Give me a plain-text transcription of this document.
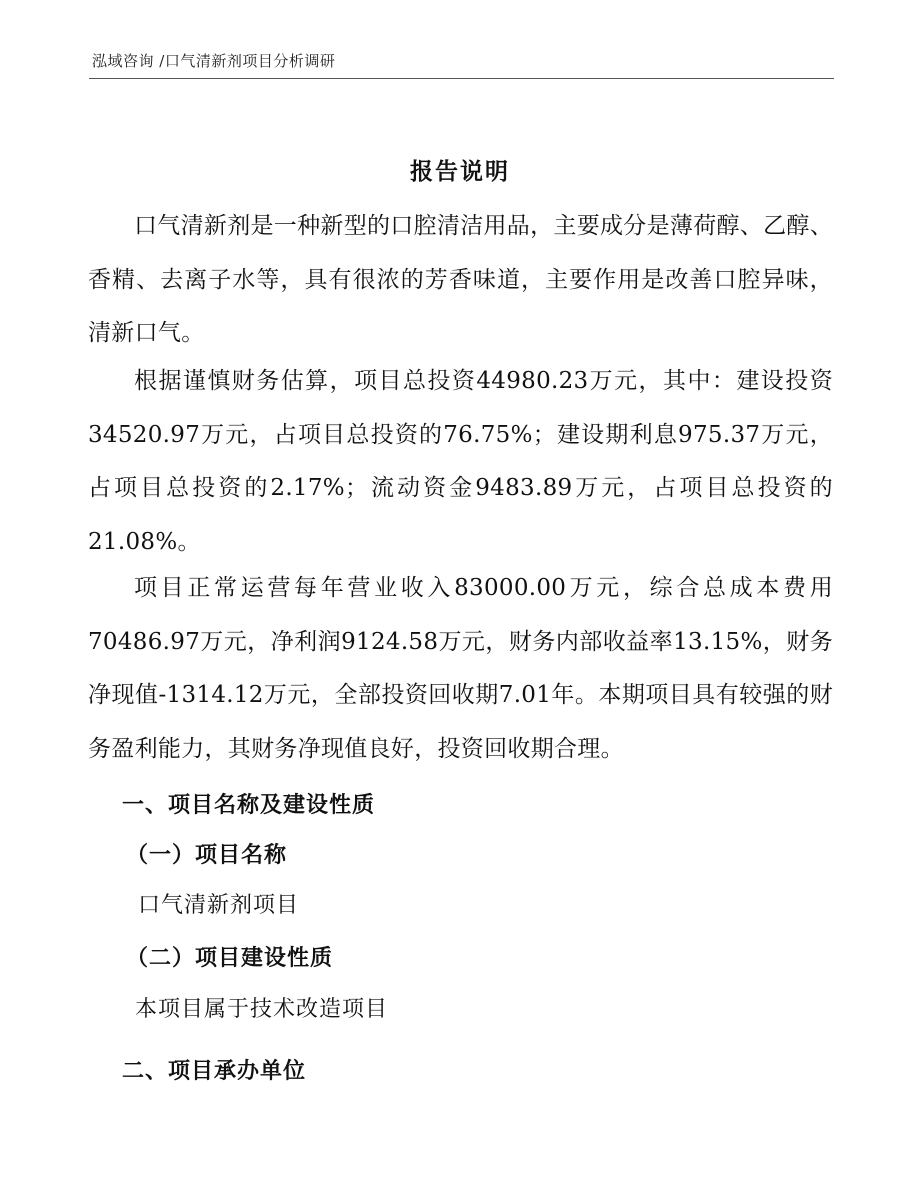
泓域咨询 /口气清新剂项目分析调研
报告说明

口气清新剂是一种新型的口腔清洁用品，主要成分是薄荷醇、乙醇、香精、去离子水等，具有很浓的芳香味道，主要作用是改善口腔异味，清新口气。

根据谨慎财务估算，项目总投资44980.23万元，其中：建设投资34520.97万元，占项目总投资的76.75%；建设期利息975.37万元，占项目总投资的2.17%；流动资金9483.89万元，占项目总投资的21.08%。

项目正常运营每年营业收入83000.00万元，综合总成本费用70486.97万元，净利润9124.58万元，财务内部收益率13.15%，财务净现值-1314.12万元，全部投资回收期7.01年。本期项目具有较强的财务盈利能力，其财务净现值良好，投资回收期合理。

一、项目名称及建设性质
（一）项目名称
口气清新剂项目
（二）项目建设性质
本项目属于技术改造项目
二、项目承办单位
